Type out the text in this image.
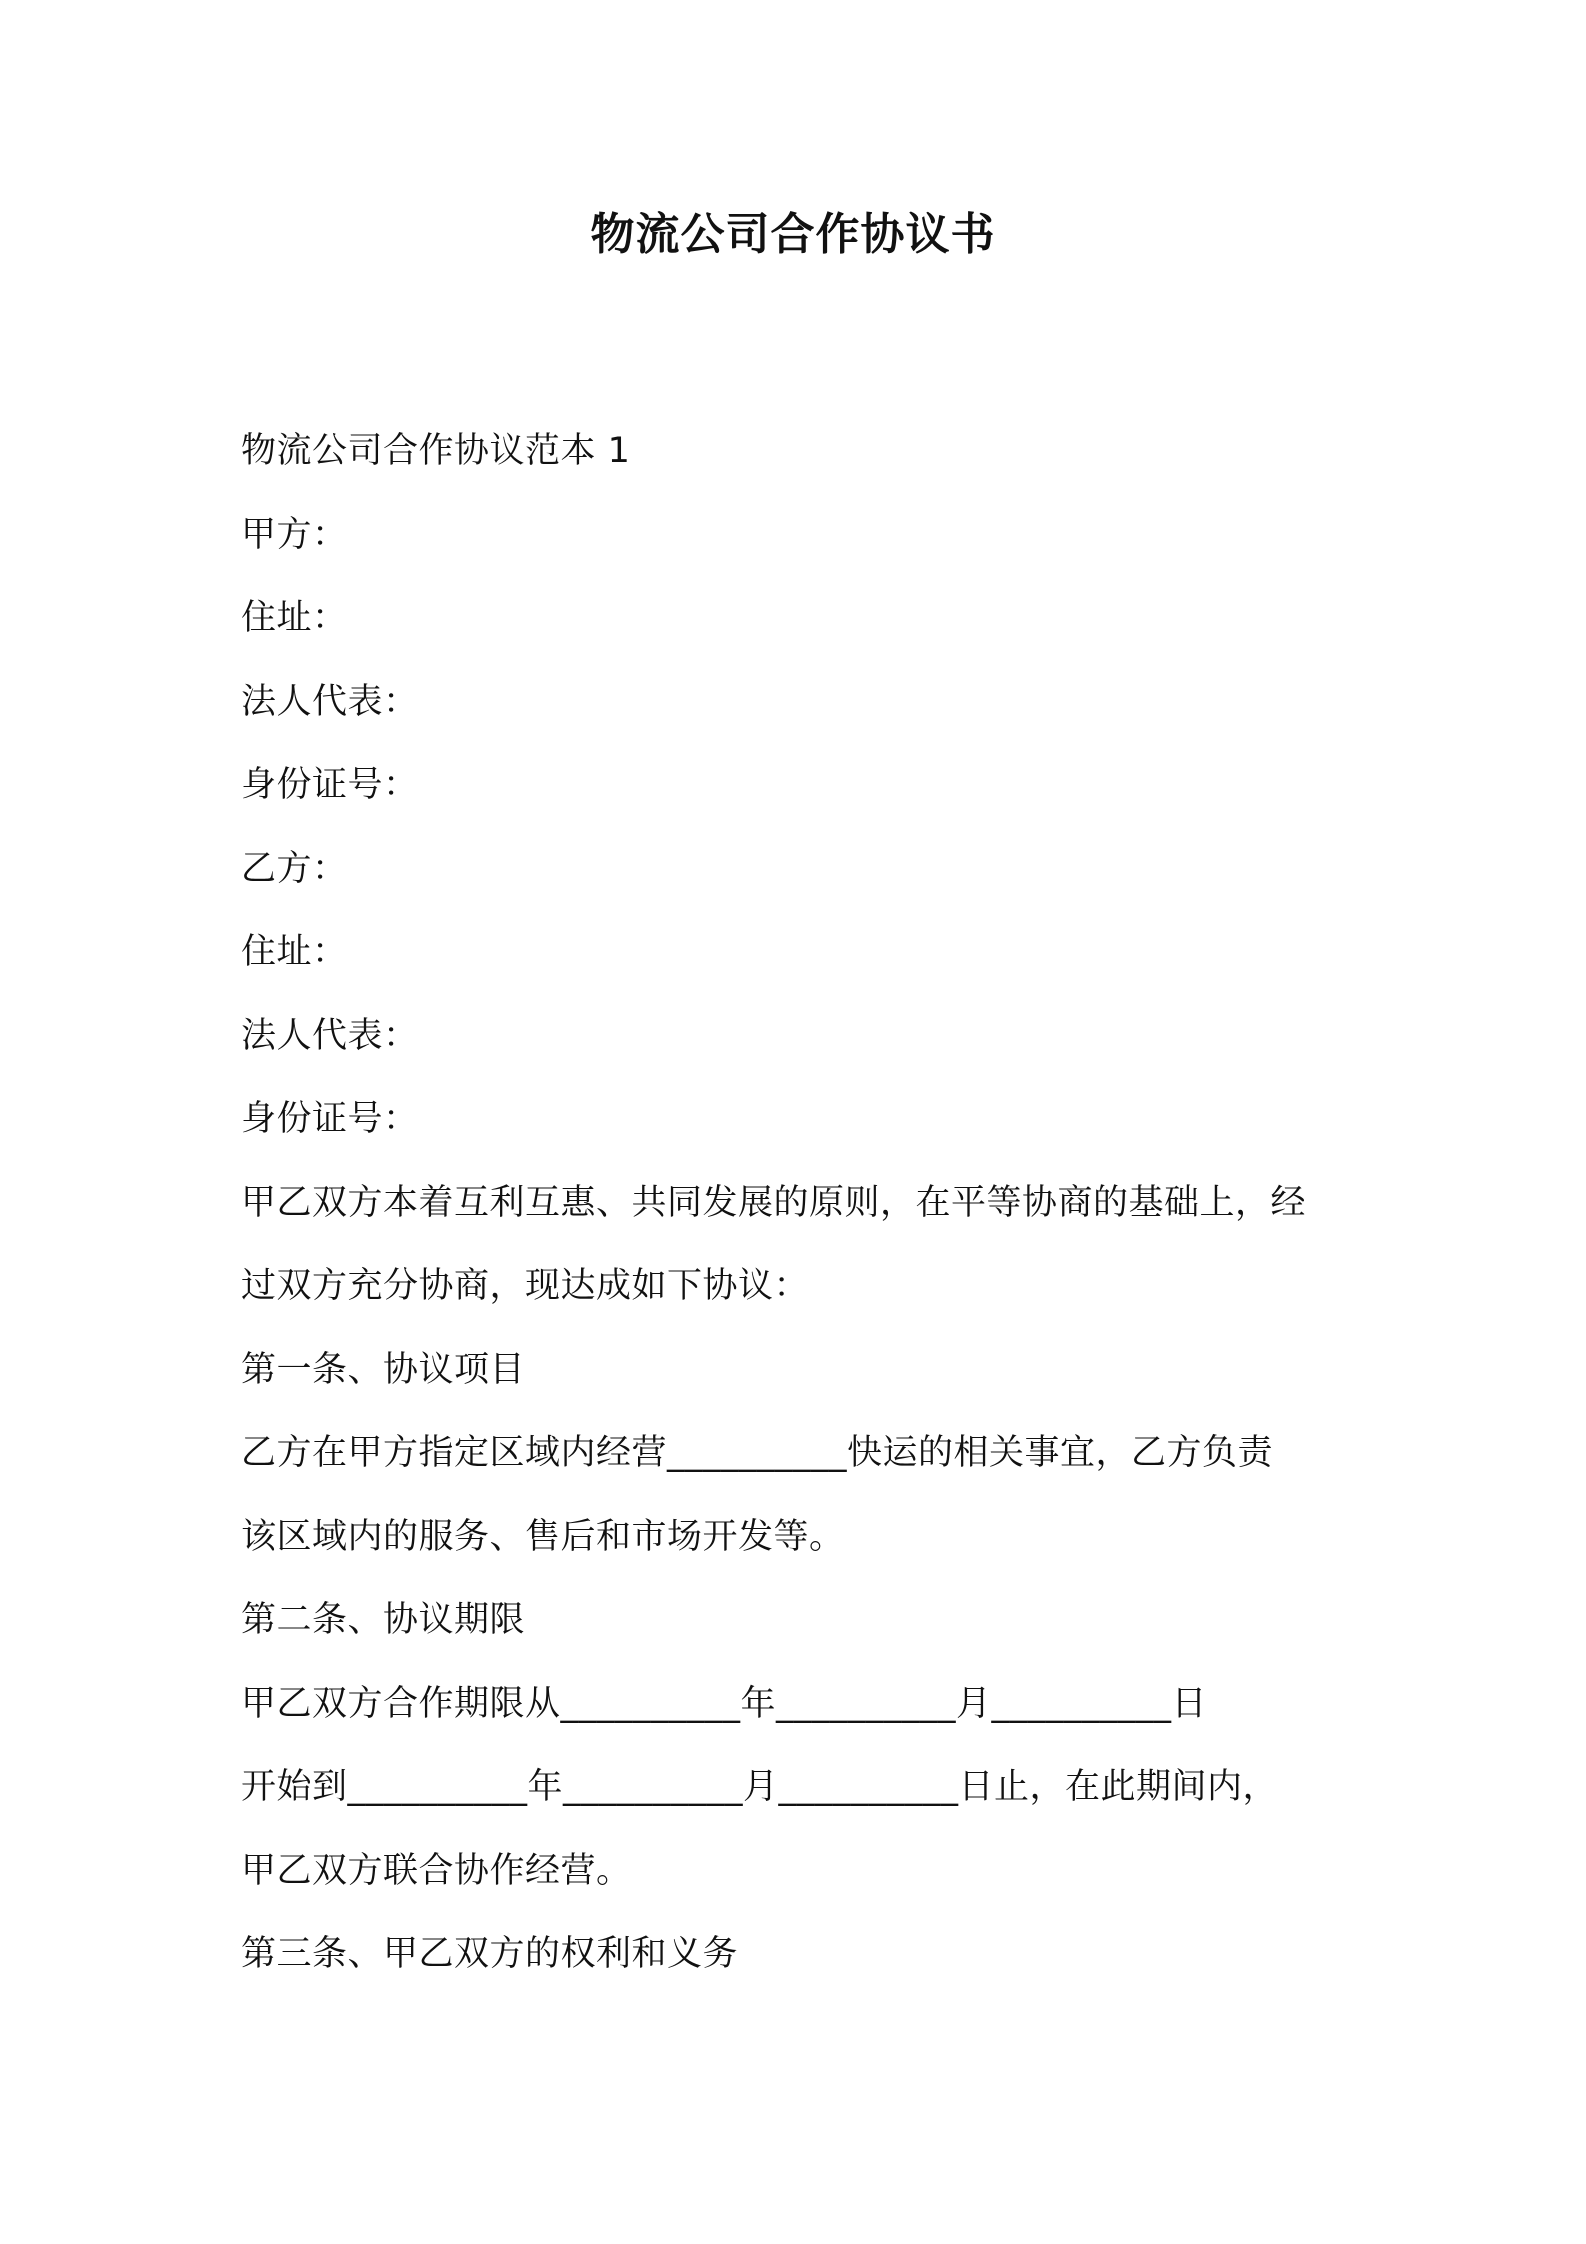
物流公司合作协议书
物流公司合作协议范本 1
甲方：
住址：
法人代表：
身份证号：
乙方：
住址：
法人代表：
身份证号：
甲乙双方本着互利互惠、共同发展的原则，在平等协商的基础上，经
过双方充分协商，现达成如下协议：
第一条、协议项目
乙方在甲方指定区域内经营__________快运的相关事宜，乙方负责
该区域内的服务、售后和市场开发等。
第二条、协议期限
甲乙双方合作期限从__________年__________月__________日
开始到__________年__________月__________日止，在此期间内，
甲乙双方联合协作经营。
第三条、甲乙双方的权利和义务
